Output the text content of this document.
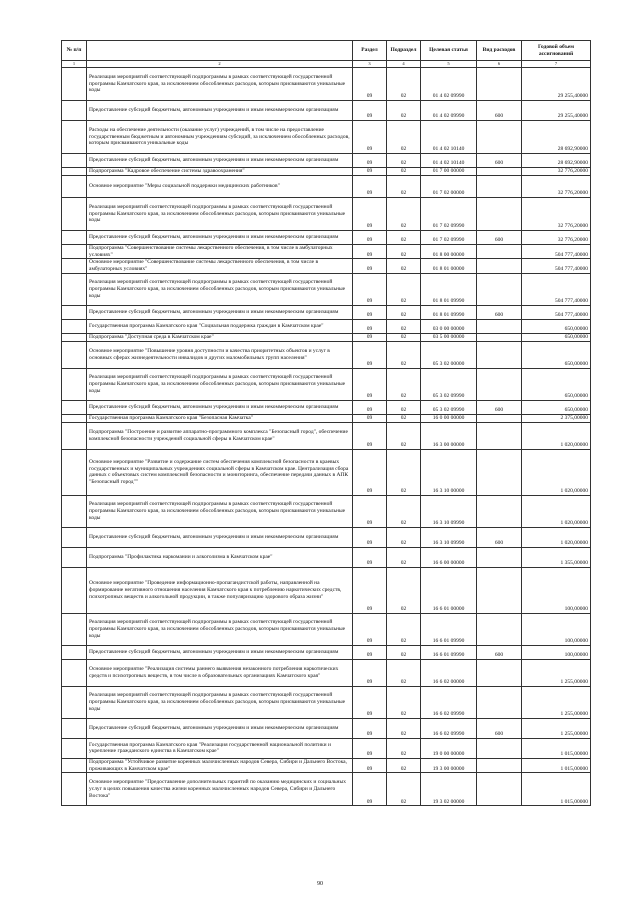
№ п/п		Раздел	Подраздел	Целевая статья	Вид расходов	Годовой объем ассигнований
1	2	3	4	5	6	7
	Реализация мероприятий соответствующей подпрограммы в рамках соответствующей государственной программы Камчатского края, за исключением обособленных расходов, которым присваиваются уникальные коды	09	02	01 4 02 09990		29 255,40000
	Предоставление субсидий бюджетным, автономным учреждениям и иным некоммерческим организациям	09	02	01 4 02 09990	600	29 255,40000
	Расходы на обеспечение деятельности (оказание услуг) учреждений, в том числе на предоставление государственным бюджетным и автономным учреждениям субсидий, за исключением обособленных расходов, которым присваиваются уникальные коды	09	02	01 4 02 10140		28 692,90000
	Предоставление субсидий бюджетным, автономным учреждениям и иным некоммерческим организациям	09	02	01 4 02 10140	600	28 692,90000
	Подпрограмма "Кадровое обеспечение системы здравоохранения"	09	02	01 7 00 00000		32 776,20000
	Основное мероприятие "Меры социальной поддержки медицинских работников"	09	02	01 7 02 00000		32 776,20000
	Реализация мероприятий соответствующей подпрограммы в рамках соответствующей государственной программы Камчатского края, за исключением обособленных расходов, которым присваиваются уникальные коды	09	02	01 7 02 09990		32 776,20000
	Предоставление субсидий бюджетным, автономным учреждениям и иным некоммерческим организациям	09	02	01 7 02 09990	600	32 776,20000
	Подпрограмма "Совершенствование системы лекарственного обеспечения, в том числе в амбулаторных условиях"	09	02	01 8 00 00000		504 777,40000
	Основное мероприятие "Совершенствование системы лекарственного обеспечения, в том числе в амбулаторных условиях"	09	02	01 8 01 00000		504 777,40000
	Реализация мероприятий соответствующей подпрограммы в рамках соответствующей государственной программы Камчатского края, за исключением обособленных расходов, которым присваиваются уникальные коды	09	02	01 8 01 09990		504 777,40000
	Предоставление субсидий бюджетным, автономным учреждениям и иным некоммерческим организациям	09	02	01 8 01 09990	600	504 777,40000
	Государственная программа Камчатского края "Социальная поддержка граждан в Камчатском крае"	09	02	03 0 00 00000		650,00000
	Подпрограмма "Доступная среда в Камчатском крае"	09	02	03 5 00 00000		650,00000
	Основное мероприятие "Повышение уровня доступности и качества приоритетных объектов и услуг в основных сферах жизнедеятельности инвалидов и других маломобильных групп населения"	09	02	05 3 02 00000		650,00000
	Реализация мероприятий соответствующей подпрограммы в рамках соответствующей государственной программы Камчатского края, за исключением обособленных расходов, которым присваиваются уникальные коды	09	02	05 3 02 09990		650,00000
	Предоставление субсидий бюджетным, автономным учреждениям и иным некоммерческим организациям	09	02	05 3 02 09990	600	650,00000
	Государственная программа Камчатского края "Безопасная Камчатка"	09	02	16 0 00 00000		2 375,00000
	Подпрограмма "Построение и развитие аппаратно-программного комплекса "Безопасный город", обеспечение комплексной безопасности учреждений социальной сферы в Камчатском крае"	09	02	16 3 00 00000		1 020,00000
	Основное мероприятие "Развитие и содержание систем обеспечения комплексной безопасности в краевых государственных и муниципальных учреждениях социальной сферы в Камчатском крае. Централизация сбора данных с объектовых систем комплексной безопасности и мониторинга, обеспечение передачи данных в АПК "Безопасный город""	09	02	16 3 10 00000		1 020,00000
	Реализация мероприятий соответствующей подпрограммы в рамках соответствующей государственной программы Камчатского края, за исключением обособленных расходов, которым присваиваются уникальные коды	09	02	16 3 10 09990		1 020,00000
	Предоставление субсидий бюджетным, автономным учреждениям и иным некоммерческим организациям	09	02	16 3 10 09990	600	1 020,00000
	Подпрограмма "Профилактика наркомании и алкоголизма в Камчатском крае"	09	02	16 6 00 00000		1 355,00000
	Основное мероприятие "Проведение информационно-пропагандистской работы, направленной на формирование негативного отношения населения Камчатского края к потреблению наркотических средств, психотропных веществ и алкогольной продукции, в также популяризацию здорового образа жизни"	09	02	16 6 01 00000		100,00000
	Реализация мероприятий соответствующей подпрограммы в рамках соответствующей государственной программы Камчатского края, за исключением обособленных расходов, которым присваиваются уникальные коды	09	02	16 6 01 09990		100,00000
	Предоставление субсидий бюджетным, автономным учреждениям и иным некоммерческим организациям	09	02	16 6 01 09990	600	100,00000
	Основное мероприятие "Реализация системы раннего выявления незаконного потребления наркотических средств и психотропных веществ, в том числе в образовательных организациях Камчатского края"	09	02	16 6 02 00000		1 255,00000
	Реализация мероприятий соответствующей подпрограммы в рамках соответствующей государственной программы Камчатского края, за исключением обособленных расходов, которым присваиваются уникальные коды	09	02	16 6 02 09990		1 255,00000
	Предоставление субсидий бюджетным, автономным учреждениям и иным некоммерческим организациям	09	02	16 6 02 09990	600	1 255,00000
	Государственная программа Камчатского края "Реализация государственной национальной политики и укрепление гражданского единства в Камчатском крае"	09	02	19 0 00 00000		1 015,00000
	Подпрограмма "Устойчивое развитие коренных малочисленных народов Севера, Сибири и Дальнего Востока, проживающих в Камчатском крае"	09	02	19 3 00 00000		1 015,00000
	Основное мероприятие "Предоставление дополнительных гарантий по оказанию медицинских и социальных услуг в целях повышения качества жизни коренных малочисленных народов Севера, Сибири и Дальнего Востока"	09	02	19 3 02 00000		1 015,00000
90
